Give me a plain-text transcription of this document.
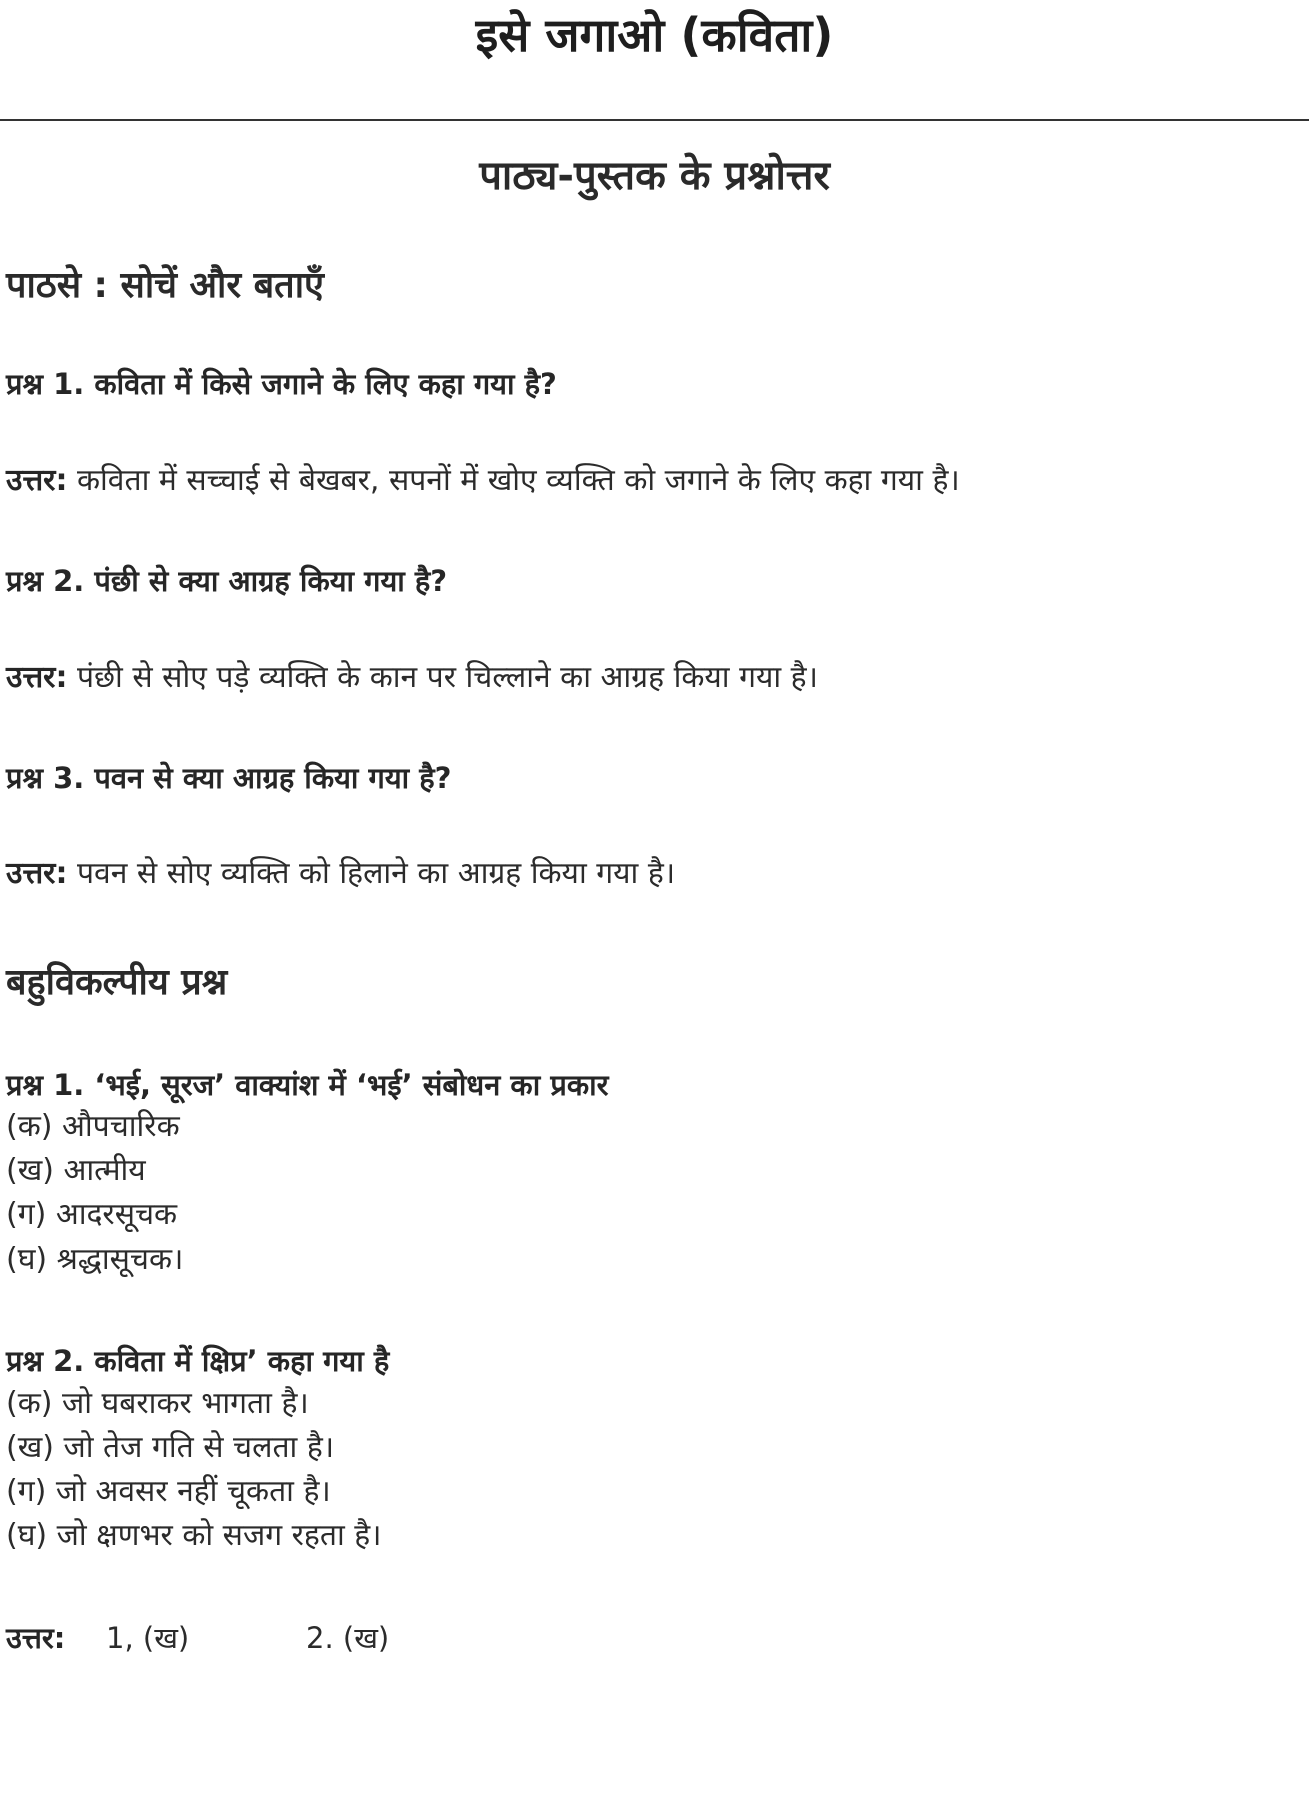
इसे जगाओ (कविता)
पाठ्य-पुस्तक के प्रश्नोत्तर
पाठसे : सोचें और बताएँ
प्रश्न 1. कविता में किसे जगाने के लिए कहा गया है?
उत्तर: कविता में सच्चाई से बेखबर, सपनों में खोए व्यक्ति को जगाने के लिए कहा गया है।
प्रश्न 2. पंछी से क्या आग्रह किया गया है?
उत्तर: पंछी से सोए पड़े व्यक्ति के कान पर चिल्लाने का आग्रह किया गया है।
प्रश्न 3. पवन से क्या आग्रह किया गया है?
उत्तर: पवन से सोए व्यक्ति को हिलाने का आग्रह किया गया है।
बहुविकल्पीय प्रश्न
प्रश्न 1. ‘भई, सूरज’ वाक्यांश में ‘भई’ संबोधन का प्रकार
(क) औपचारिक
(ख) आत्मीय
(ग) आदरसूचक
(घ) श्रद्धासूचक।
प्रश्न 2. कविता में क्षिप्र’ कहा गया है
(क) जो घबराकर भागता है।
(ख) जो तेज गति से चलता है।
(ग) जो अवसर नहीं चूकता है।
(घ) जो क्षणभर को सजग रहता है।
उत्तर: 1, (ख)	2. (ख)
